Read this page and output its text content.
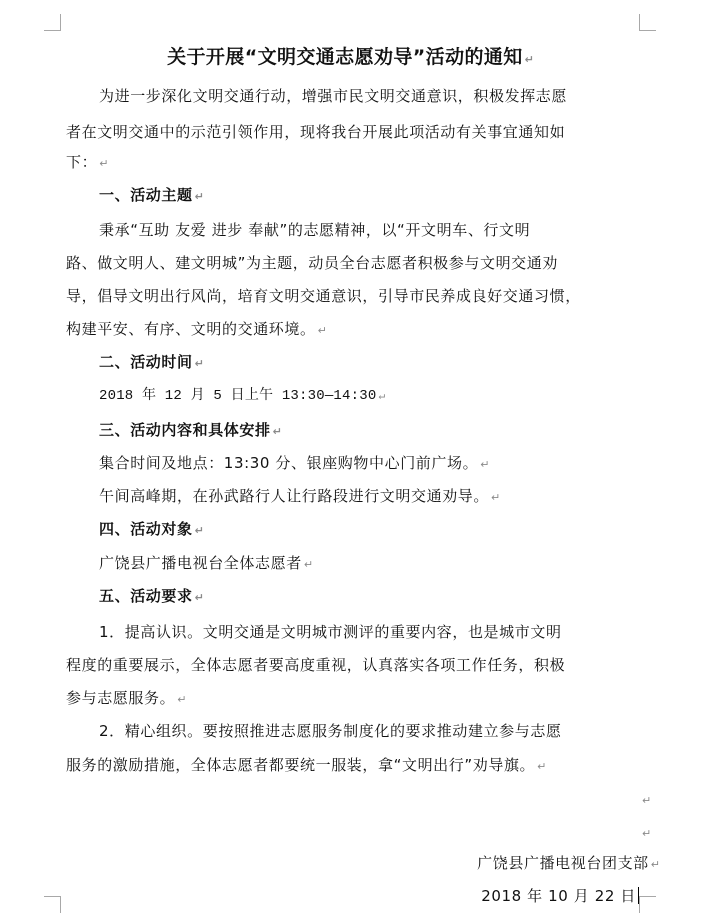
关于开展“文明交通志愿劝导”活动的通知 ↵
为进一步深化文明交通行动，增强市民文明交通意识，积极发挥志愿
者在文明交通中的示范引领作用，现将我台开展此项活动有关事宜通知如
下： ↵
一、活动主题 ↵
秉承“互助 友爱 进步 奉献”的志愿精神，以“开文明车、行文明
路、做文明人、建文明城”为主题，动员全台志愿者积极参与文明交通劝
导，倡导文明出行风尚，培育文明交通意识，引导市民养成良好交通习惯，
构建平安、有序、文明的交通环境。 ↵
二、活动时间 ↵
2018 年 12 月 5 日上午 13:30—14:30 ↵
三、活动内容和具体安排 ↵
集合时间及地点：13:30 分、银座购物中心门前广场。 ↵
午间高峰期，在孙武路行人让行路段进行文明交通劝导。 ↵
四、活动对象 ↵
广饶县广播电视台全体志愿者 ↵
五、活动要求 ↵
1．提高认识。文明交通是文明城市测评的重要内容，也是城市文明
程度的重要展示，全体志愿者要高度重视，认真落实各项工作任务，积极
参与志愿服务。 ↵
2．精心组织。要按照推进志愿服务制度化的要求推动建立参与志愿
服务的激励措施，全体志愿者都要统一服装，拿“文明出行”劝导旗。 ↵
↵
↵
广饶县广播电视台团支部 ↵
2018 年 10 月 22 日
